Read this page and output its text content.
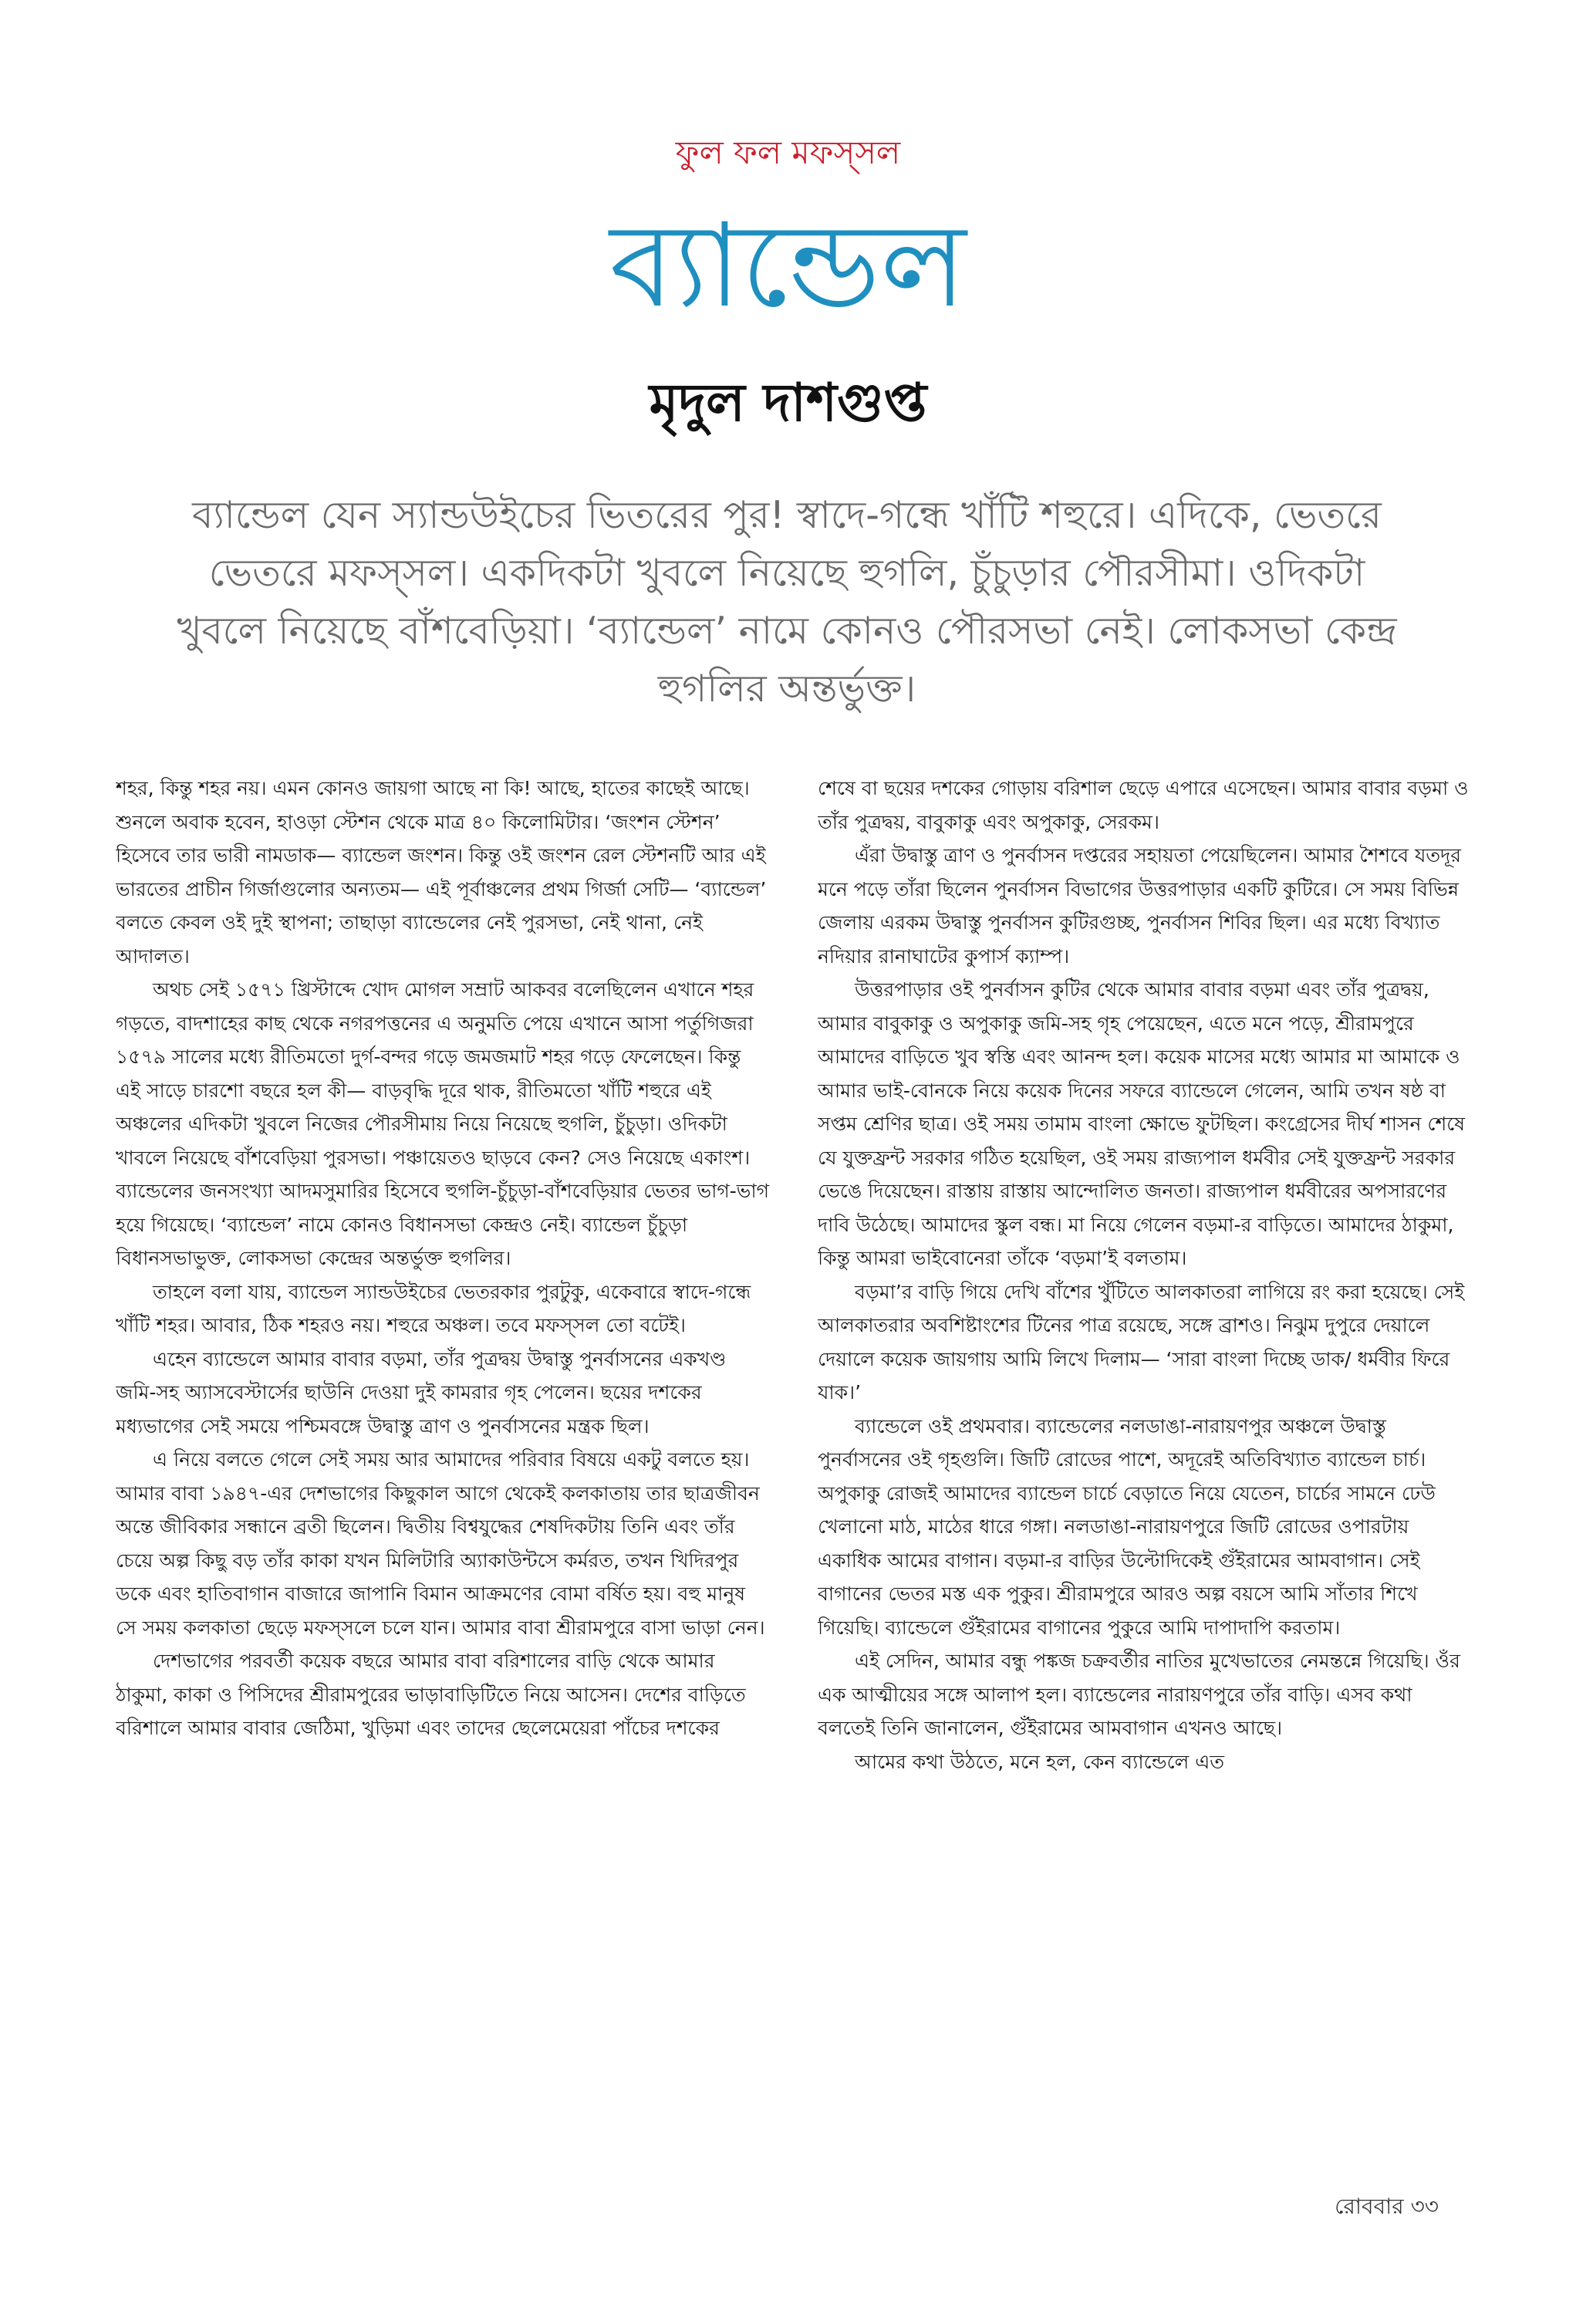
ফুল ফল মফস্‌সল
ব্যান্ডেল
মৃদুল দাশগুপ্ত
ব্যান্ডেল যেন স্যান্ডউইচের ভিতরের পুর! স্বাদে-গন্ধে খাঁটি শহুরে। এদিকে, ভেতরে ভেতরে মফস্‌সল। একদিকটা খুবলে নিয়েছে হুগলি, চুঁচুড়ার পৌরসীমা। ওদিকটা খুবলে নিয়েছে বাঁশবেড়িয়া। ‘ব্যান্ডেল’ নামে কোনও পৌরসভা নেই। লোকসভা কেন্দ্র হুগলির অন্তর্ভুক্ত।

শহর, কিন্তু শহর নয়। এমন কোনও জায়গা আছে না কি! আছে, হাতের কাছেই আছে। শুনলে অবাক হবেন, হাওড়া স্টেশন থেকে মাত্র ৪০ কিলোমিটার। ‘জংশন স্টেশন’ হিসেবে তার ভারী নামডাক— ব্যান্ডেল জংশন। কিন্তু ওই জংশন রেল স্টেশনটি আর এই ভারতের প্রাচীন গির্জাগুলোর অন্যতম— এই পূর্বাঞ্চলের প্রথম গির্জা সেটি— ‘ব্যান্ডেল’ বলতে কেবল ওই দুই স্থাপনা; তাছাড়া ব্যান্ডেলের নেই পুরসভা, নেই থানা, নেই আদালত।

অথচ সেই ১৫৭১ খ্রিস্টাব্দে খোদ মোগল সম্রাট আকবর বলেছিলেন এখানে শহর গড়তে, বাদশাহের কাছ থেকে নগরপত্তনের এ অনুমতি পেয়ে এখানে আসা পর্তুগিজরা ১৫৭৯ সালের মধ্যে রীতিমতো দুর্গ-বন্দর গড়ে জমজমাট শহর গড়ে ফেলেছেন। কিন্তু এই সাড়ে চারশো বছরে হল কী— বাড়বৃদ্ধি দূরে থাক, রীতিমতো খাঁটি শহুরে এই অঞ্চলের এদিকটা খুবলে নিজের পৌরসীমায় নিয়ে নিয়েছে হুগলি, চুঁচুড়া। ওদিকটা খাবলে নিয়েছে বাঁশবেড়িয়া পুরসভা। পঞ্চায়েতও ছাড়বে কেন? সেও নিয়েছে একাংশ। ব্যান্ডেলের জনসংখ্যা আদমসুমারির হিসেবে হুগলি-চুঁচুড়া-বাঁশবেড়িয়ার ভেতর ভাগ-ভাগ হয়ে গিয়েছে। ‘ব্যান্ডেল’ নামে কোনও বিধানসভা কেন্দ্রও নেই। ব্যান্ডেল চুঁচুড়া বিধানসভাভুক্ত, লোকসভা কেন্দ্রের অন্তর্ভুক্ত হুগলির।

তাহলে বলা যায়, ব্যান্ডেল স্যান্ডউইচের ভেতরকার পুরটুকু, একেবারে স্বাদে-গন্ধে খাঁটি শহর। আবার, ঠিক শহরও নয়। শহুরে অঞ্চল। তবে মফস্‌সল তো বটেই।

এহেন ব্যান্ডেলে আমার বাবার বড়মা, তাঁর পুত্রদ্বয় উদ্বাস্তু পুনর্বাসনের একখণ্ড জমি-সহ অ্যাসবেস্টার্সের ছাউনি দেওয়া দুই কামরার গৃহ পেলেন। ছয়ের দশকের মধ্যভাগের সেই সময়ে পশ্চিমবঙ্গে উদ্বাস্তু ত্রাণ ও পুনর্বাসনের মন্ত্রক ছিল।

এ নিয়ে বলতে গেলে সেই সময় আর আমাদের পরিবার বিষয়ে একটু বলতে হয়। আমার বাবা ১৯৪৭-এর দেশভাগের কিছুকাল আগে থেকেই কলকাতায় তার ছাত্রজীবন অন্তে জীবিকার সন্ধানে ব্রতী ছিলেন। দ্বিতীয় বিশ্বযুদ্ধের শেষদিকটায় তিনি এবং তাঁর চেয়ে অল্প কিছু বড় তাঁর কাকা যখন মিলিটারি অ্যাকাউন্টসে কর্মরত, তখন খিদিরপুর ডকে এবং হাতিবাগান বাজারে জাপানি বিমান আক্রমণের বোমা বর্ষিত হয়। বহু মানুষ সে সময় কলকাতা ছেড়ে মফস্‌সলে চলে যান। আমার বাবা শ্রীরামপুরে বাসা ভাড়া নেন।

দেশভাগের পরবর্তী কয়েক বছরে আমার বাবা বরিশালের বাড়ি থেকে আমার ঠাকুমা, কাকা ও পিসিদের শ্রীরামপুরের ভাড়াবাড়িটিতে নিয়ে আসেন। দেশের বাড়িতে বরিশালে আমার বাবার জেঠিমা, খুড়িমা এবং তাদের ছেলেমেয়েরা পাঁচের দশকের

শেষে বা ছয়ের দশকের গোড়ায় বরিশাল ছেড়ে এপারে এসেছেন। আমার বাবার বড়মা ও তাঁর পুত্রদ্বয়, বাবুকাকু এবং অপুকাকু, সেরকম।

এঁরা উদ্বাস্তু ত্রাণ ও পুনর্বাসন দপ্তরের সহায়তা পেয়েছিলেন। আমার শৈশবে যতদূর মনে পড়ে তাঁরা ছিলেন পুনর্বাসন বিভাগের উত্তরপাড়ার একটি কুটিরে। সে সময় বিভিন্ন জেলায় এরকম উদ্বাস্তু পুনর্বাসন কুটিরগুচ্ছ, পুনর্বাসন শিবির ছিল। এর মধ্যে বিখ্যাত নদিয়ার রানাঘাটের কুপার্স ক্যাম্প।

উত্তরপাড়ার ওই পুনর্বাসন কুটির থেকে আমার বাবার বড়মা এবং তাঁর পুত্রদ্বয়, আমার বাবুকাকু ও অপুকাকু জমি-সহ গৃহ পেয়েছেন, এতে মনে পড়ে, শ্রীরামপুরে আমাদের বাড়িতে খুব স্বস্তি এবং আনন্দ হল। কয়েক মাসের মধ্যে আমার মা আমাকে ও আমার ভাই-বোনকে নিয়ে কয়েক দিনের সফরে ব্যান্ডেলে গেলেন, আমি তখন ষষ্ঠ বা সপ্তম শ্রেণির ছাত্র। ওই সময় তামাম বাংলা ক্ষোভে ফুটছিল। কংগ্রেসের দীর্ঘ শাসন শেষে যে যুক্তফ্রন্ট সরকার গঠিত হয়েছিল, ওই সময় রাজ্যপাল ধর্মবীর সেই যুক্তফ্রন্ট সরকার ভেঙে দিয়েছেন। রাস্তায় রাস্তায় আন্দোলিত জনতা। রাজ্যপাল ধর্মবীরের অপসারণের দাবি উঠেছে। আমাদের স্কুল বন্ধ। মা নিয়ে গেলেন বড়মা-র বাড়িতে। আমাদের ঠাকুমা, কিন্তু আমরা ভাইবোনেরা তাঁকে ‘বড়মা’ই বলতাম।

বড়মা’র বাড়ি গিয়ে দেখি বাঁশের খুঁটিতে আলকাতরা লাগিয়ে রং করা হয়েছে। সেই আলকাতরার অবশিষ্টাংশের টিনের পাত্র রয়েছে, সঙ্গে ব্রাশও। নিঝুম দুপুরে দেয়ালে দেয়ালে কয়েক জায়গায় আমি লিখে দিলাম— ‘সারা বাংলা দিচ্ছে ডাক/ ধর্মবীর ফিরে যাক।’

ব্যান্ডেলে ওই প্রথমবার। ব্যান্ডেলের নলডাঙা-নারায়ণপুর অঞ্চলে উদ্বাস্তু পুনর্বাসনের ওই গৃহগুলি। জিটি রোডের পাশে, অদূরেই অতিবিখ্যাত ব্যান্ডেল চার্চ। অপুকাকু রোজই আমাদের ব্যান্ডেল চার্চে বেড়াতে নিয়ে যেতেন, চার্চের সামনে ঢেউ খেলানো মাঠ, মাঠের ধারে গঙ্গা। নলডাঙা-নারায়ণপুরে জিটি রোডের ওপারটায় একাধিক আমের বাগান। বড়মা-র বাড়ির উল্টোদিকেই গুঁইরামের আমবাগান। সেই বাগানের ভেতর মস্ত এক পুকুর। শ্রীরামপুরে আরও অল্প বয়সে আমি সাঁতার শিখে গিয়েছি। ব্যান্ডেলে গুঁইরামের বাগানের পুকুরে আমি দাপাদাপি করতাম।

এই সেদিন, আমার বন্ধু পঙ্কজ চক্রবর্তীর নাতির মুখেভাতের নেমন্তন্নে গিয়েছি। ওঁর এক আত্মীয়ের সঙ্গে আলাপ হল। ব্যান্ডেলের নারায়ণপুরে তাঁর বাড়ি। এসব কথা বলতেই তিনি জানালেন, গুঁইরামের আমবাগান এখনও আছে।

আমের কথা উঠতে, মনে হল, কেন ব্যান্ডেলে এত

রোববার ৩৩
